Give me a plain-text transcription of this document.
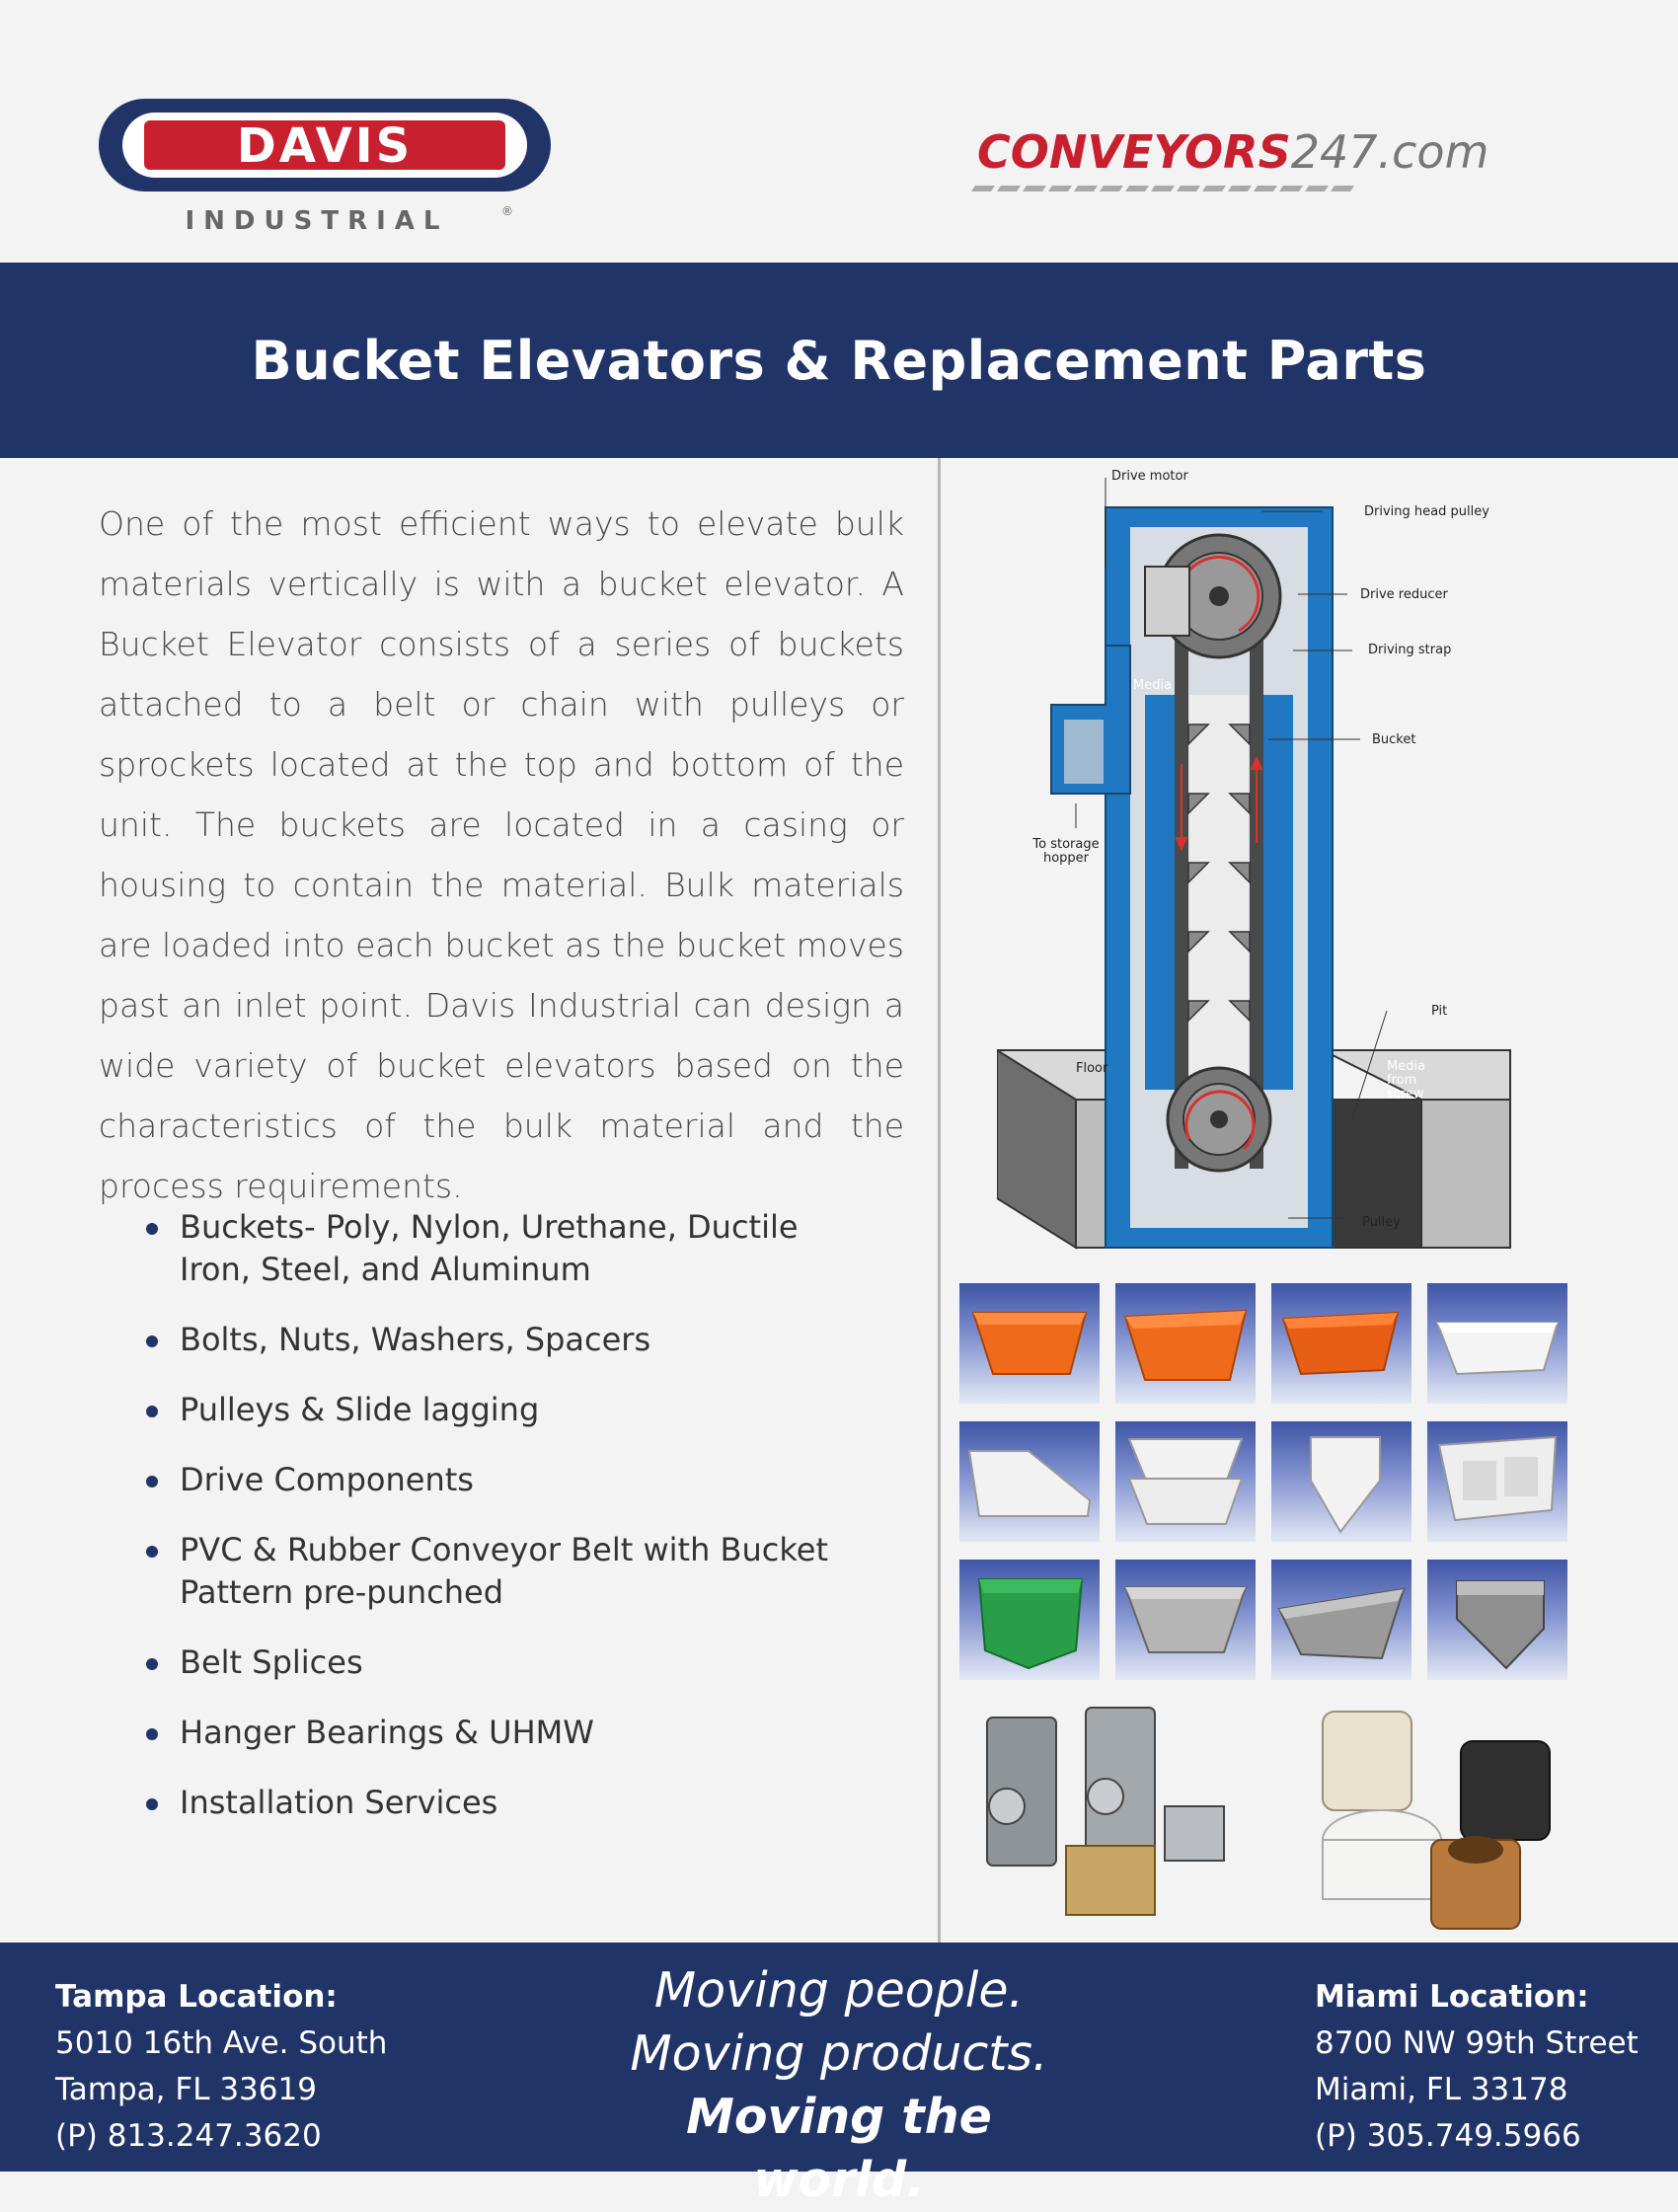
DAVIS
INDUSTRIAL	®
CONVEYORS247.com
Bucket Elevators & Replacement Parts

One of the most efficient ways to elevate bulk materials vertically is with a bucket elevator. A Bucket Elevator consists of a series of buckets attached to a belt or chain with pulleys or sprockets located at the top and bottom of the unit. The buckets are located in a casing or housing to contain the material. Bulk materials are loaded into each bucket as the bucket moves past an inlet point. Davis Industrial can design a wide variety of bucket elevators based on the characteristics of the bulk material and the process requirements.

Buckets- Poly, Nylon, Urethane, Ductile Iron, Steel, and Aluminum
Bolts, Nuts, Washers, Spacers
Pulleys & Slide lagging
Drive Components
PVC & Rubber Conveyor Belt with Bucket Pattern pre-punched
Belt Splices
Hanger Bearings & UHMW
Installation Services
Drive motor
Driving head pulley
Drive reducer
Driving strap
Bucket
Media
To storage
hopper
Pit
Floor	Media
from
screw
Pulley
Tampa Location:
5010 16th Ave. South
Tampa, FL 33619
(P) 813.247.3620
Moving people.
Moving products.
Moving the world.
Miami Location:
8700 NW 99th Street
Miami, FL 33178
(P) 305.749.5966
